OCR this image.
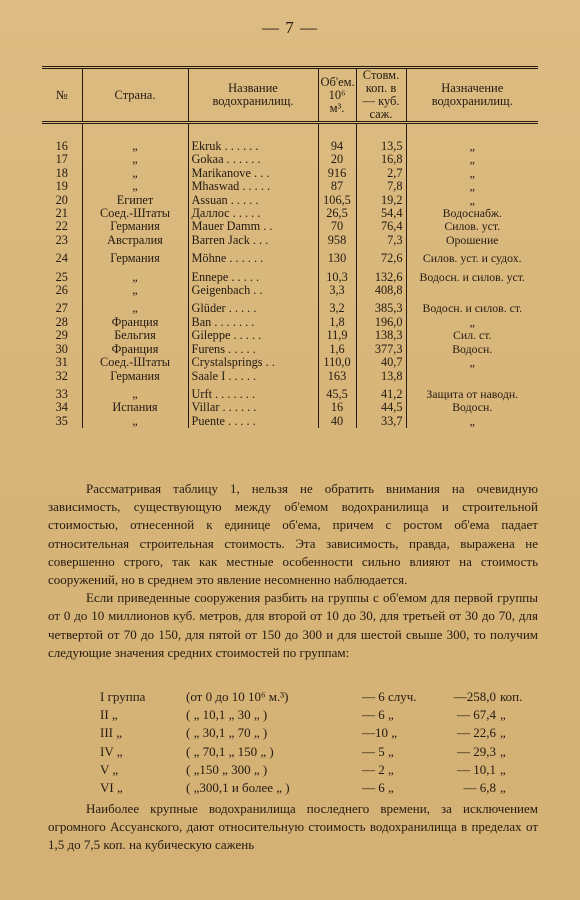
— 7 —
№	Страна.	Название водохранилищ.	Об'ем. 10⁶ м³.	Стовм. коп. в — куб. саж.	Назначение водохранилищ.

16	„	Ekruk . . . . . .	94	13,5	„
17	„	Gokaa . . . . . .	20	16,8	„
18	„	Marikanove . . .	916	2,7	„
19	„	Mhaswad . . . . .	87	7,8	„
20	Египет	Assuan . . . . .	106,5	19,2	„
21	Соед.-Штаты	Даллос . . . . .	26,5	54,4	Водоснабж.
22	Германия	Mauer Damm . .	70	76,4	Силов. уст.
23	Австралия	Barren Jack . . .	958	7,3	Орошение

24	Германия	Möhne . . . . . .	130	72,6	Силов. уст. и судох.

25	„	Ennepe . . . . .	10,3	132,6	Водосн. и силов. уст.
26	„	Geigenbach . .	3,3	408,8	

27	„	Glüder . . . . .	3,2	385,3	Водосн. и силов. ст.
28	Франция	Ban . . . . . . .	1,8	196,0	„
29	Бельгия	Gileppe . . . . .	11,9	138,3	Сил. ст.
30	Франция	Furens . . . . .	1,6	377,3	Водосн.
31	Соед.-Штаты	Crystalsprings . .	110,0	40,7	„
32	Германия	Saale I . . . . .	163	13,8	

33	„	Urft . . . . . . .	45,5	41,2	Защита от наводн.
34	Испания	Villar . . . . . .	16	44,5	Водосн.
35	„	Puente . . . . .	40	33,7	„

Рассматривая таблицу 1, нельзя не обратить внимания на очевидную зависимость, существующую между об'емом водохранилища и строительной стоимостью, отнесенной к единице об'ема, причем с ростом об'ема падает относительная строительная стоимость. Эта зависимость, правда, выражена не совершенно строго, так как местные особенности сильно влияют на стоимость сооружений, но в среднем это явление несомненно наблюдается.

Если приведенные сооружения разбить на группы с об'емом для первой группы от 0 до 10 миллионов куб. метров, для второй от 10 до 30, для третьей от 30 до 70, для четвертой от 70 до 150, для пятой от 150 до 300 и для шестой свыше 300, то получим следующие значения средних стоимостей по группам:

I группа	(от 0 до 10 10⁶ м.³)	— 6 случ.	—258,0 коп.
II „	( „ 10,1 „ 30 „ )	— 6 „	— 67,4 „
III „	( „ 30,1 „ 70 „ )	—10 „	— 22,6 „
IV „	( „ 70,1 „ 150 „ )	— 5 „	— 29,3 „
V „	( „150 „ 300 „ )	— 2 „	— 10,1 „
VI „	( „300,1 и более „ )	— 6 „	— 6,8 „

Наиболее крупные водохранилища последнего времени, за исключением огромного Ассуанского, дают относительную стоимость водохранилища в пределах от 1,5 до 7,5 коп. на кубическую сажень
